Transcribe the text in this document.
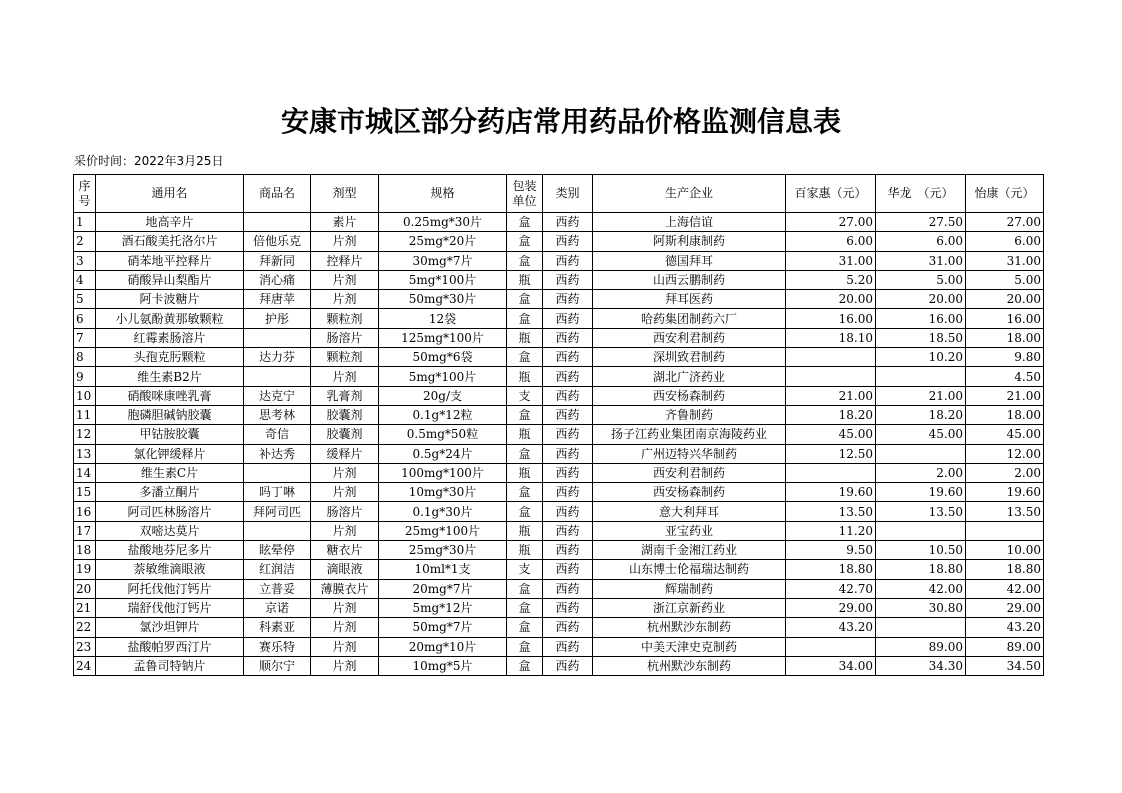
安康市城区部分药店常用药品价格监测信息表
采价时间：2022年3月25日
序号	通用名	商品名	剂型	规格	包装单位	类别	生产企业	百家惠（元）	华龙　（元）	怡康（元）
1	地高辛片		素片	0.25mg*30片	盒	西药	上海信谊	27.00	27.50	27.00
2	酒石酸美托洛尔片	倍他乐克	片剂	25mg*20片	盒	西药	阿斯利康制药	6.00	6.00	6.00
3	硝苯地平控释片	拜新同	控释片	30mg*7片	盒	西药	德国拜耳	31.00	31.00	31.00
4	硝酸异山梨酯片	消心痛	片剂	5mg*100片	瓶	西药	山西云鹏制药	5.20	5.00	5.00
5	阿卡波糖片	拜唐苹	片剂	50mg*30片	盒	西药	拜耳医药	20.00	20.00	20.00
6	小儿氨酚黄那敏颗粒	护彤	颗粒剂	12袋	盒	西药	哈药集团制药六厂	16.00	16.00	16.00
7	红霉素肠溶片		肠溶片	125mg*100片	瓶	西药	西安利君制药	18.10	18.50	18.00
8	头孢克肟颗粒	达力芬	颗粒剂	50mg*6袋	盒	西药	深圳致君制药		10.20	9.80
9	维生素B2片		片剂	5mg*100片	瓶	西药	湖北广济药业			4.50
10	硝酸咪康唑乳膏	达克宁	乳膏剂	20g/支	支	西药	西安杨森制药	21.00	21.00	21.00
11	胞磷胆碱钠胶囊	思考林	胶囊剂	0.1g*12粒	盒	西药	齐鲁制药	18.20	18.20	18.00
12	甲钴胺胶囊	奇信	胶囊剂	0.5mg*50粒	瓶	西药	扬子江药业集团南京海陵药业	45.00	45.00	45.00
13	氯化钾缓释片	补达秀	缓释片	0.5g*24片	盒	西药	广州迈特兴华制药	12.50		12.00
14	维生素C片		片剂	100mg*100片	瓶	西药	西安利君制药		2.00	2.00
15	多潘立酮片	吗丁啉	片剂	10mg*30片	盒	西药	西安杨森制药	19.60	19.60	19.60
16	阿司匹林肠溶片	拜阿司匹	肠溶片	0.1g*30片	盒	西药	意大利拜耳	13.50	13.50	13.50
17	双嘧达莫片		片剂	25mg*100片	瓶	西药	亚宝药业	11.20		
18	盐酸地芬尼多片	眩晕停	糖衣片	25mg*30片	瓶	西药	湖南千金湘江药业	9.50	10.50	10.00
19	萘敏维滴眼液	红润洁	滴眼液	10ml*1支	支	西药	山东博士伦福瑞达制药	18.80	18.80	18.80
20	阿托伐他汀钙片	立普妥	薄膜衣片	20mg*7片	盒	西药	辉瑞制药	42.70	42.00	42.00
21	瑞舒伐他汀钙片	京诺	片剂	5mg*12片	盒	西药	浙江京新药业	29.00	30.80	29.00
22	氯沙坦钾片	科素亚	片剂	50mg*7片	盒	西药	杭州默沙东制药	43.20		43.20
23	盐酸帕罗西汀片	赛乐特	片剂	20mg*10片	盒	西药	中美天津史克制药		89.00	89.00
24	孟鲁司特钠片	顺尔宁	片剂	10mg*5片	盒	西药	杭州默沙东制药	34.00	34.30	34.50
